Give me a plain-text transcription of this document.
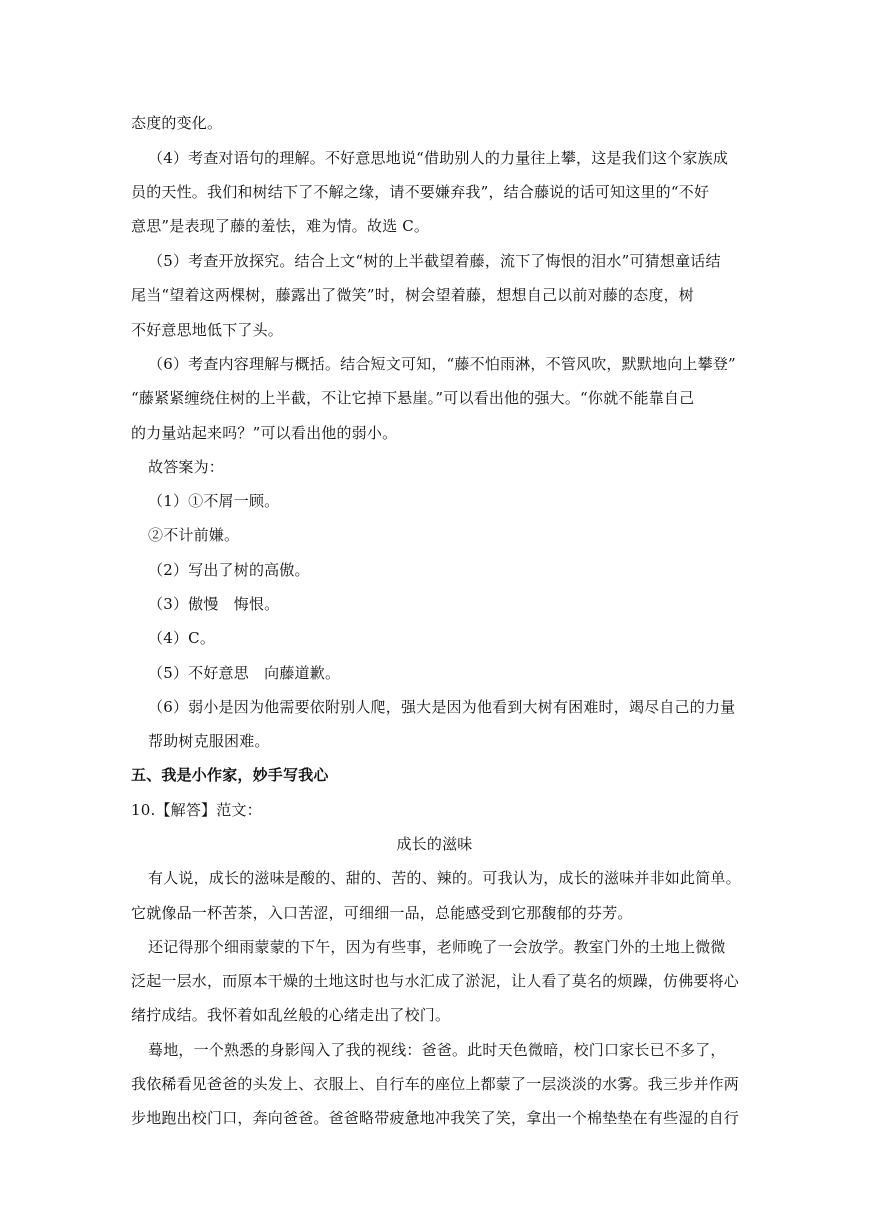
态度的变化。
（4）考查对语句的理解。不好意思地说“借助别人的力量往上攀，这是我们这个家族成
员的天性。我们和树结下了不解之缘，请不要嫌弃我”，结合藤说的话可知这里的“不好
意思”是表现了藤的羞怯，难为情。故选 C。
（5）考查开放探究。结合上文“树的上半截望着藤，流下了悔恨的泪水”可猜想童话结
尾当“望着这两棵树，藤露出了微笑”时，树会望着藤，想想自己以前对藤的态度，树
不好意思地低下了头。
（6）考查内容理解与概括。结合短文可知，“藤不怕雨淋，不管风吹，默默地向上攀登”
“藤紧紧缠绕住树的上半截，不让它掉下悬崖。”可以看出他的强大。“你就不能靠自己
的力量站起来吗？”可以看出他的弱小。
故答案为：
（1）①不屑一顾。
②不计前嫌。
（2）写出了树的高傲。
（3）傲慢　悔恨。
（4）C。
（5）不好意思　向藤道歉。
（6）弱小是因为他需要依附别人爬，强大是因为他看到大树有困难时，竭尽自己的力量
帮助树克服困难。
五、我是小作家，妙手写我心
10.【解答】范文：
成长的滋味
有人说，成长的滋味是酸的、甜的、苦的、辣的。可我认为，成长的滋味并非如此简单。
它就像品一杯苦茶，入口苦涩，可细细一品，总能感受到它那馥郁的芬芳。
还记得那个细雨蒙蒙的下午，因为有些事，老师晚了一会放学。教室门外的土地上微微
泛起一层水，而原本干燥的土地这时也与水汇成了淤泥，让人看了莫名的烦躁，仿佛要将心
绪拧成结。我怀着如乱丝般的心绪走出了校门。
蓦地，一个熟悉的身影闯入了我的视线：爸爸。此时天色微暗，校门口家长已不多了，
我依稀看见爸爸的头发上、衣服上、自行车的座位上都蒙了一层淡淡的水雾。我三步并作两
步地跑出校门口，奔向爸爸。爸爸略带疲惫地冲我笑了笑，拿出一个棉垫垫在有些湿的自行
